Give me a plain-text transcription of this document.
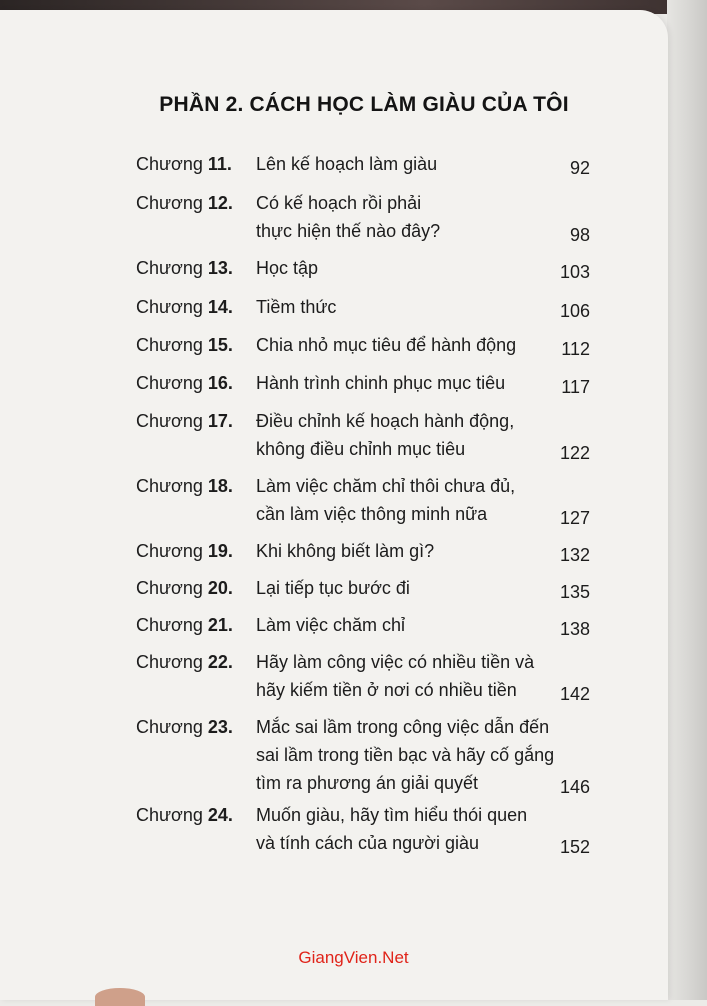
PHẦN 2. CÁCH HỌC LÀM GIÀU CỦA TÔI
Chương 11. Lên kế hoạch làm giàu	92
Chương 12. Có kế hoạch rồi phải
thực hiện thế nào đây?	98
Chương 13. Học tập	103
Chương 14. Tiềm thức	106
Chương 15. Chia nhỏ mục tiêu để hành động	112
Chương 16. Hành trình chinh phục mục tiêu	117
Chương 17. Điều chỉnh kế hoạch hành động,
không điều chỉnh mục tiêu	122
Chương 18. Làm việc chăm chỉ thôi chưa đủ,
cần làm việc thông minh nữa	127
Chương 19. Khi không biết làm gì?	132
Chương 20. Lại tiếp tục bước đi	135
Chương 21. Làm việc chăm chỉ	138
Chương 22. Hãy làm công việc có nhiều tiền và
hãy kiếm tiền ở nơi có nhiều tiền	142
Chương 23. Mắc sai lầm trong công việc dẫn đến
sai lầm trong tiền bạc và hãy cố gắng
tìm ra phương án giải quyết	146
Chương 24. Muốn giàu, hãy tìm hiểu thói quen
và tính cách của người giàu	152
GiangVien.Net
